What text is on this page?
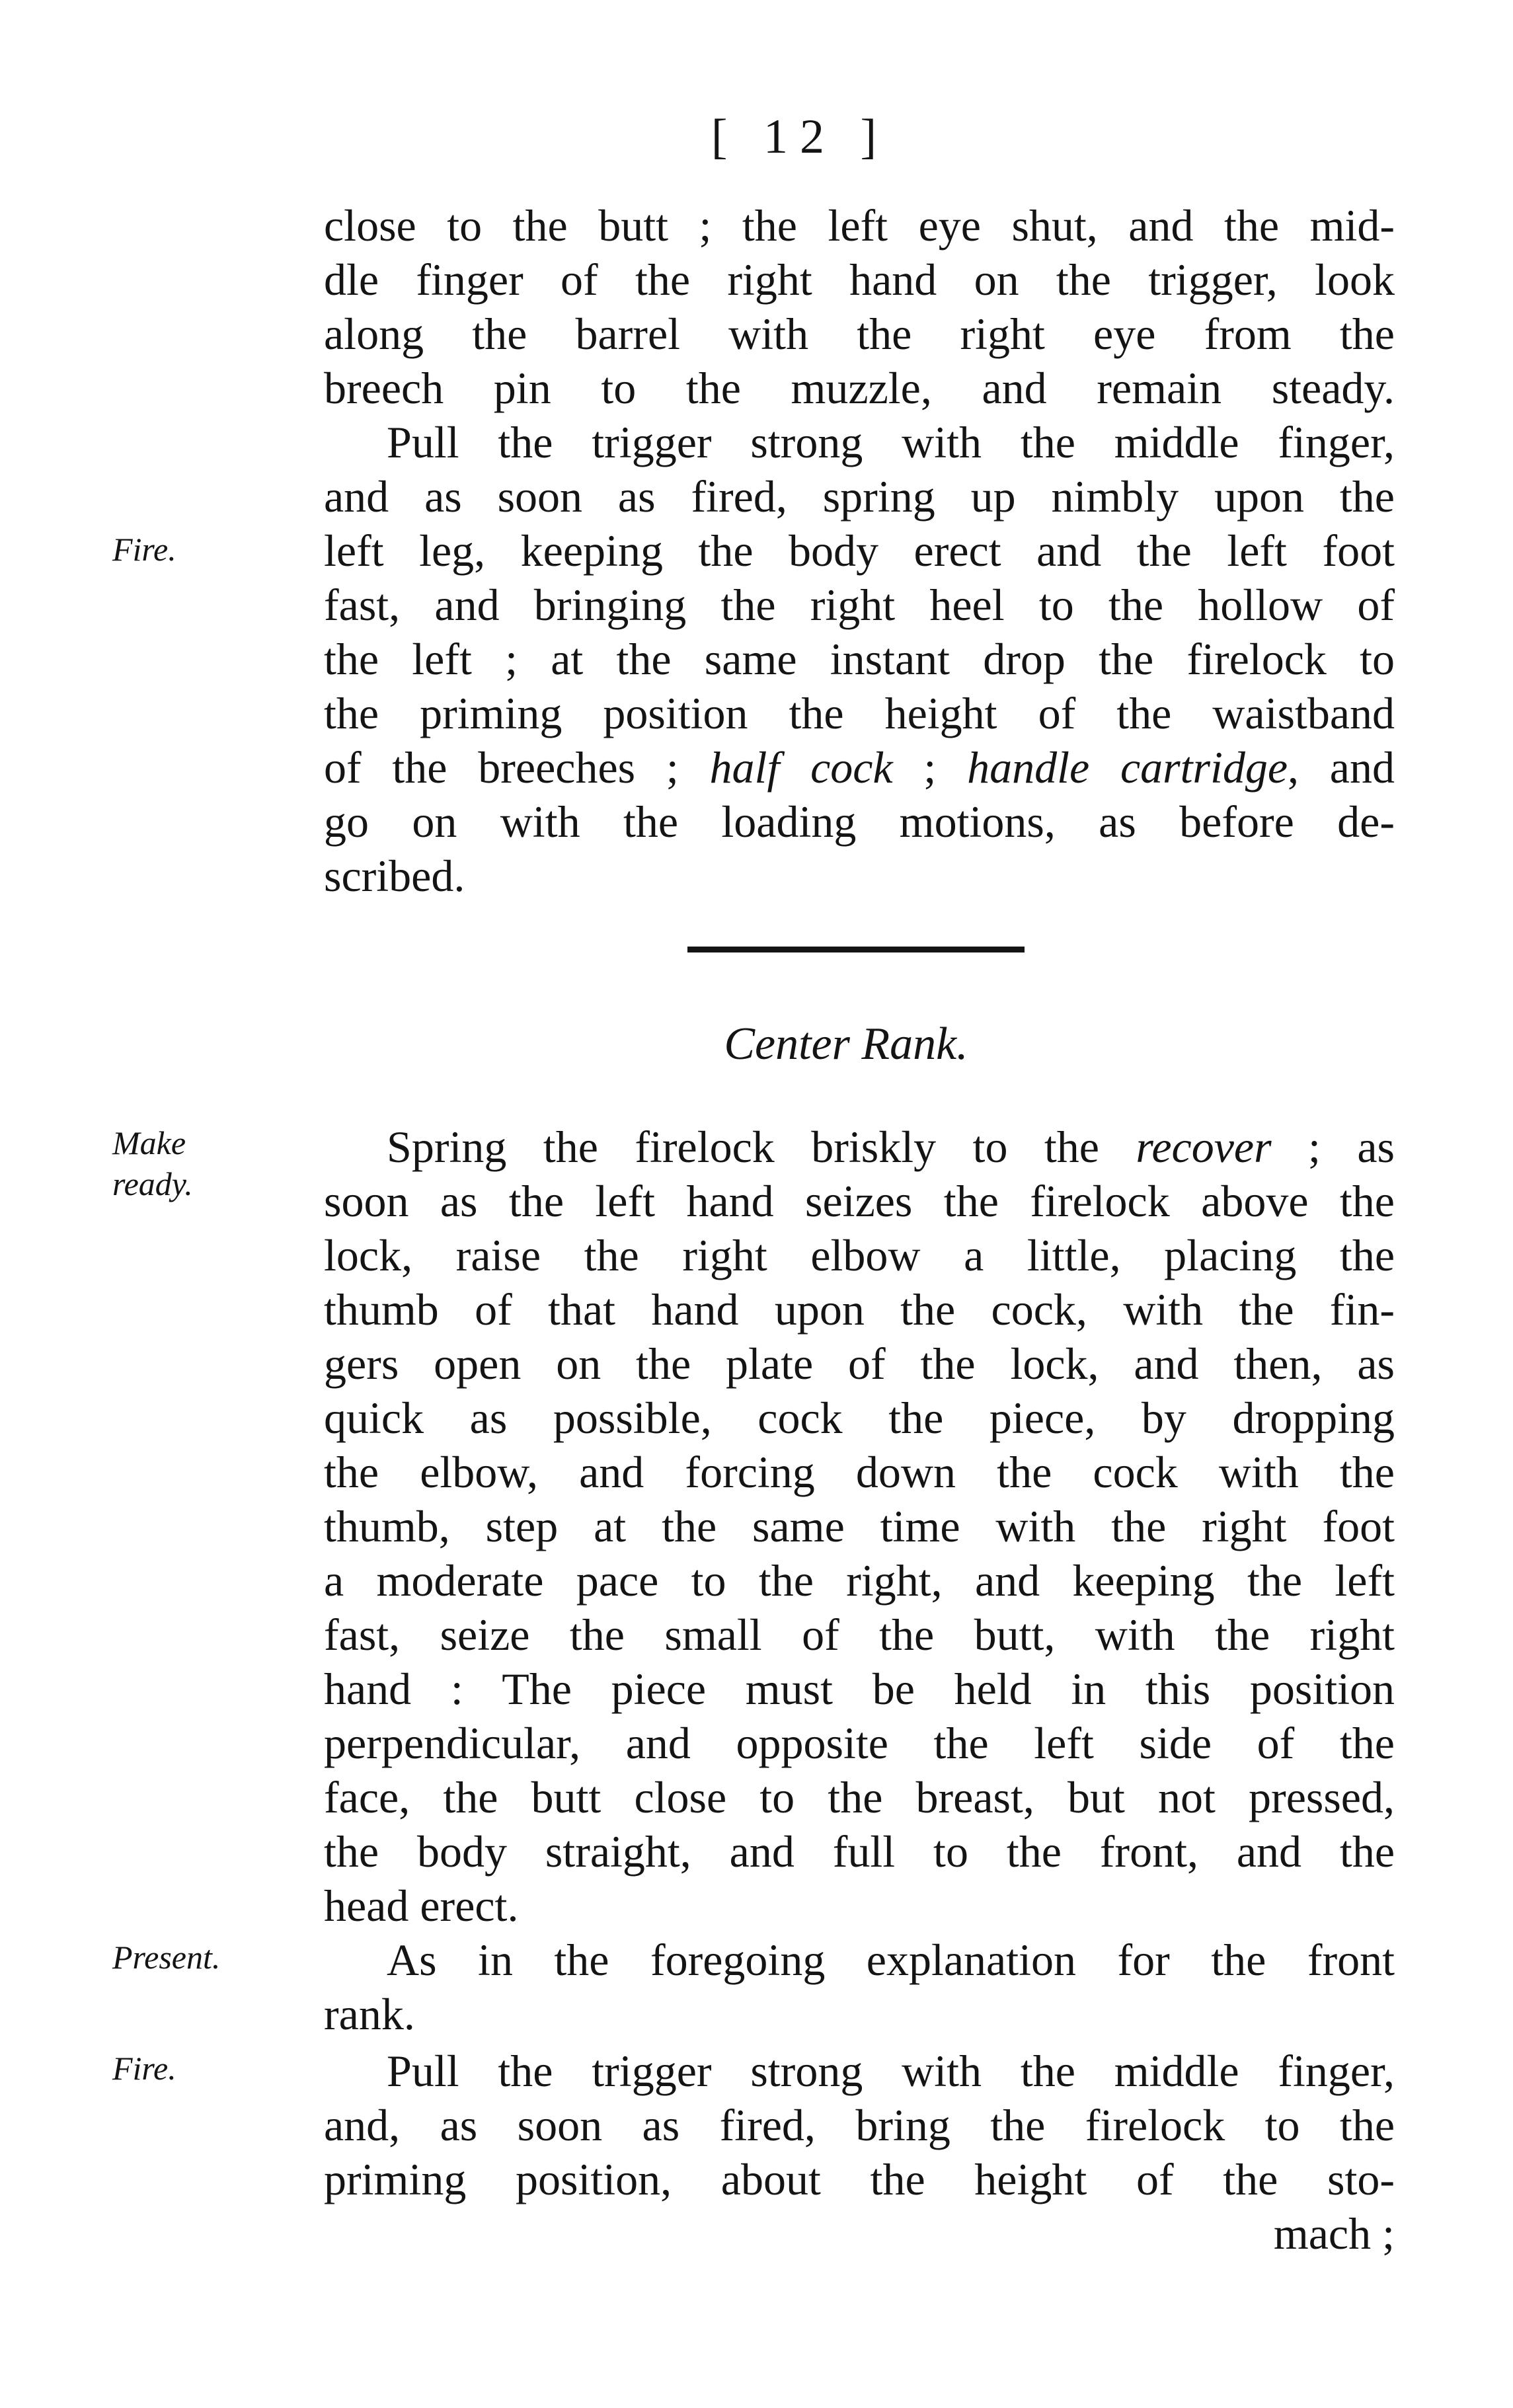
[ 12 ]
close to the butt ; the left eye shut, and the mid-
dle finger of the right hand on the trigger, look
along the barrel with the right eye from the
breech pin to the muzzle, and remain steady.
Pull the trigger strong with the middle finger,
and as soon as fired, spring up nimbly upon the
left leg, keeping the body erect and the left foot
fast, and bringing the right heel to the hollow of
the left ; at the same instant drop the firelock to
the priming position the height of the waistband
of the breeches ; half cock ; handle cartridge, and
go on with the loading motions, as before de-
scribed.
Center Rank.
Spring the firelock briskly to the recover ; as
soon as the left hand seizes the firelock above the
lock, raise the right elbow a little, placing the
thumb of that hand upon the cock, with the fin-
gers open on the plate of the lock, and then, as
quick as possible, cock the piece, by dropping
the elbow, and forcing down the cock with the
thumb, step at the same time with the right foot
a moderate pace to the right, and keeping the left
fast, seize the small of the butt, with the right
hand : The piece must be held in this position
perpendicular, and opposite the left side of the
face, the butt close to the breast, but not pressed,
the body straight, and full to the front, and the
head erect.
As in the foregoing explanation for the front
rank.
Pull the trigger strong with the middle finger,
and, as soon as fired, bring the firelock to the
priming position, about the height of the sto-
mach ;
Fire.
Make
ready.
Present.
Fire.
